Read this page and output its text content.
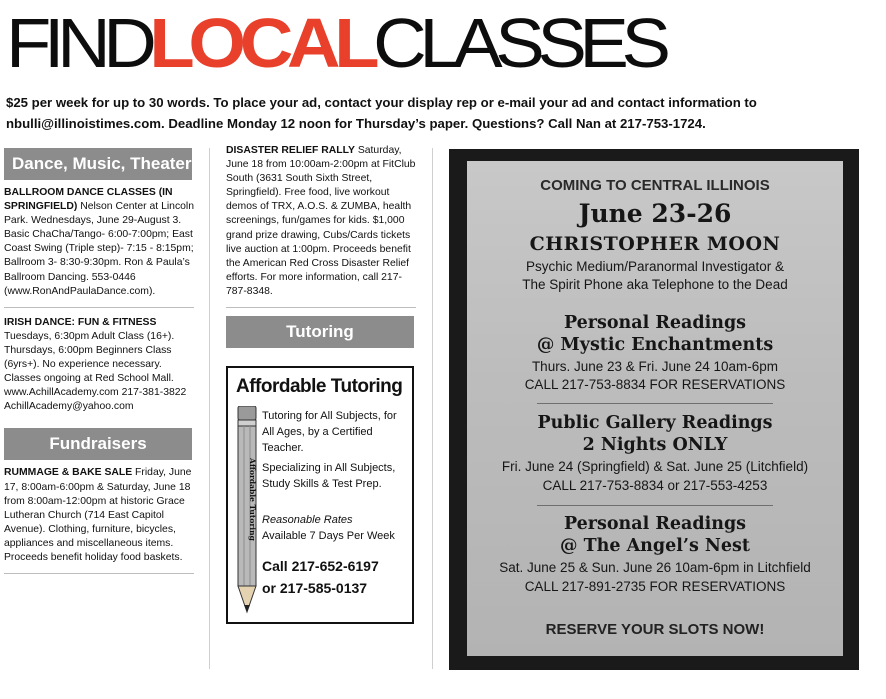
FINDLOCALCLASSES
$25 per week for up to 30 words. To place your ad, contact your display rep or e-mail your ad and contact information to
nbulli@illinoistimes.com. Deadline Monday 12 noon for Thursday’s paper. Questions? Call Nan at 217-753-1724.
Dance, Music, Theater
BALLROOM DANCE CLASSES (IN SPRINGFIELD) Nelson Center at Lincoln Park. Wednesdays, June 29-August 3. Basic ChaCha/Tango- 6:00-7:00pm; East Coast Swing (Triple step)- 7:15 - 8:15pm; Ballroom 3- 8:30-9:30pm. Ron & Paula’s Ballroom Dancing. 553-0446
(www.RonAndPaulaDance.com).
IRISH DANCE: FUN & FITNESS
Tuesdays, 6:30pm Adult Class (16+). Thursdays, 6:00pm Beginners Class (6yrs+). No experience necessary. Classes ongoing at Red School Mall. www.AchillAcademy.com 217-381-3822 AchillAcademy@yahoo.com
Fundraisers
RUMMAGE & BAKE SALE Friday, June 17, 8:00am-6:00pm & Saturday, June 18 from 8:00am-12:00pm at historic Grace Lutheran Church (714 East Capitol Avenue). Clothing, furniture, bicycles, appliances and miscellaneous items. Proceeds benefit holiday food baskets.
DISASTER RELIEF RALLY Saturday, June 18 from 10:00am-2:00pm at FitClub South (3631 South Sixth Street, Springfield). Free food, live workout demos of TRX, A.O.S. & ZUMBA, health screenings, fun/games for kids. $1,000 grand prize drawing, Cubs/Cards tickets live auction at 1:00pm. Proceeds benefit the American Red Cross Disaster Relief efforts. For more information, call 217-787-8348.
Tutoring
Affordable Tutoring
Affordable Tutoring
Tutoring for All Subjects, for
All Ages, by a Certified Teacher.
Specializing in All Subjects,
Study Skills & Test Prep.
Reasonable Rates
Available 7 Days Per Week
Call 217-652-6197
or 217-585-0137
COMING TO CENTRAL ILLINOIS
June 23-26
CHRISTOPHER MOON
Psychic Medium/Paranormal Investigator &
The Spirit Phone aka Telephone to the Dead
Personal Readings
@ Mystic Enchantments
Thurs. June 23 & Fri. June 24 10am-6pm
CALL 217-753-8834 FOR RESERVATIONS
Public Gallery Readings
2 Nights ONLY
Fri. June 24 (Springfield) & Sat. June 25 (Litchfield)
CALL 217-753-8834 or 217-553-4253
Personal Readings
@ The Angel’s Nest
Sat. June 25 & Sun. June 26 10am-6pm in Litchfield
CALL 217-891-2735 FOR RESERVATIONS
RESERVE YOUR SLOTS NOW!
